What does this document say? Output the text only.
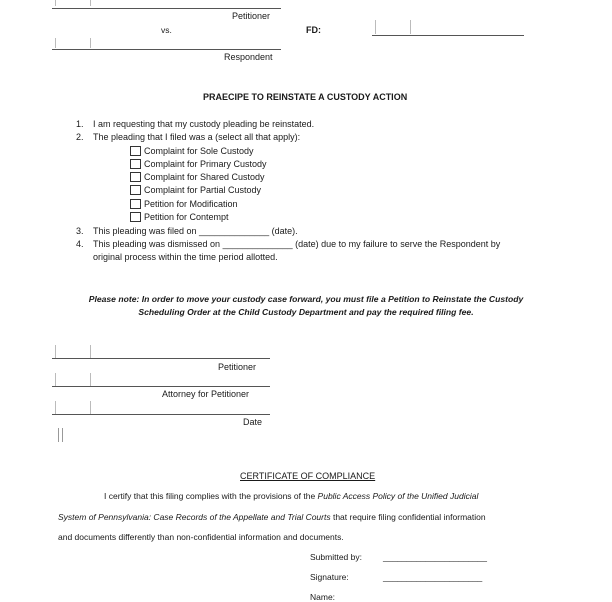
Petitioner
vs.	FD:
Respondent
PRAECIPE TO REINSTATE A CUSTODY ACTION
1. I am requesting that my custody pleading be reinstated.
2. The pleading that I filed was a (select all that apply):
Complaint for Sole Custody
Complaint for Primary Custody
Complaint for Shared Custody
Complaint for Partial Custody
Petition for Modification
Petition for Contempt
3. This pleading was filed on ______________ (date).
4. This pleading was dismissed on ______________ (date) due to my failure to serve the Respondent by
original process within the time period allotted.
Please note: In order to move your custody case forward, you must file a Petition to Reinstate the Custody
Scheduling Order at the Child Custody Department and pay the required filing fee.
Petitioner
Attorney for Petitioner
Date
CERTIFICATE OF COMPLIANCE
I certify that this filing complies with the provisions of the Public Access Policy of the Unified Judicial
System of Pennsylvania: Case Records of the Appellate and Trial Courts that require filing confidential information
and documents differently than non-confidential information and documents.
Submitted by: ______________________
Signature:	_____________________
Name:
